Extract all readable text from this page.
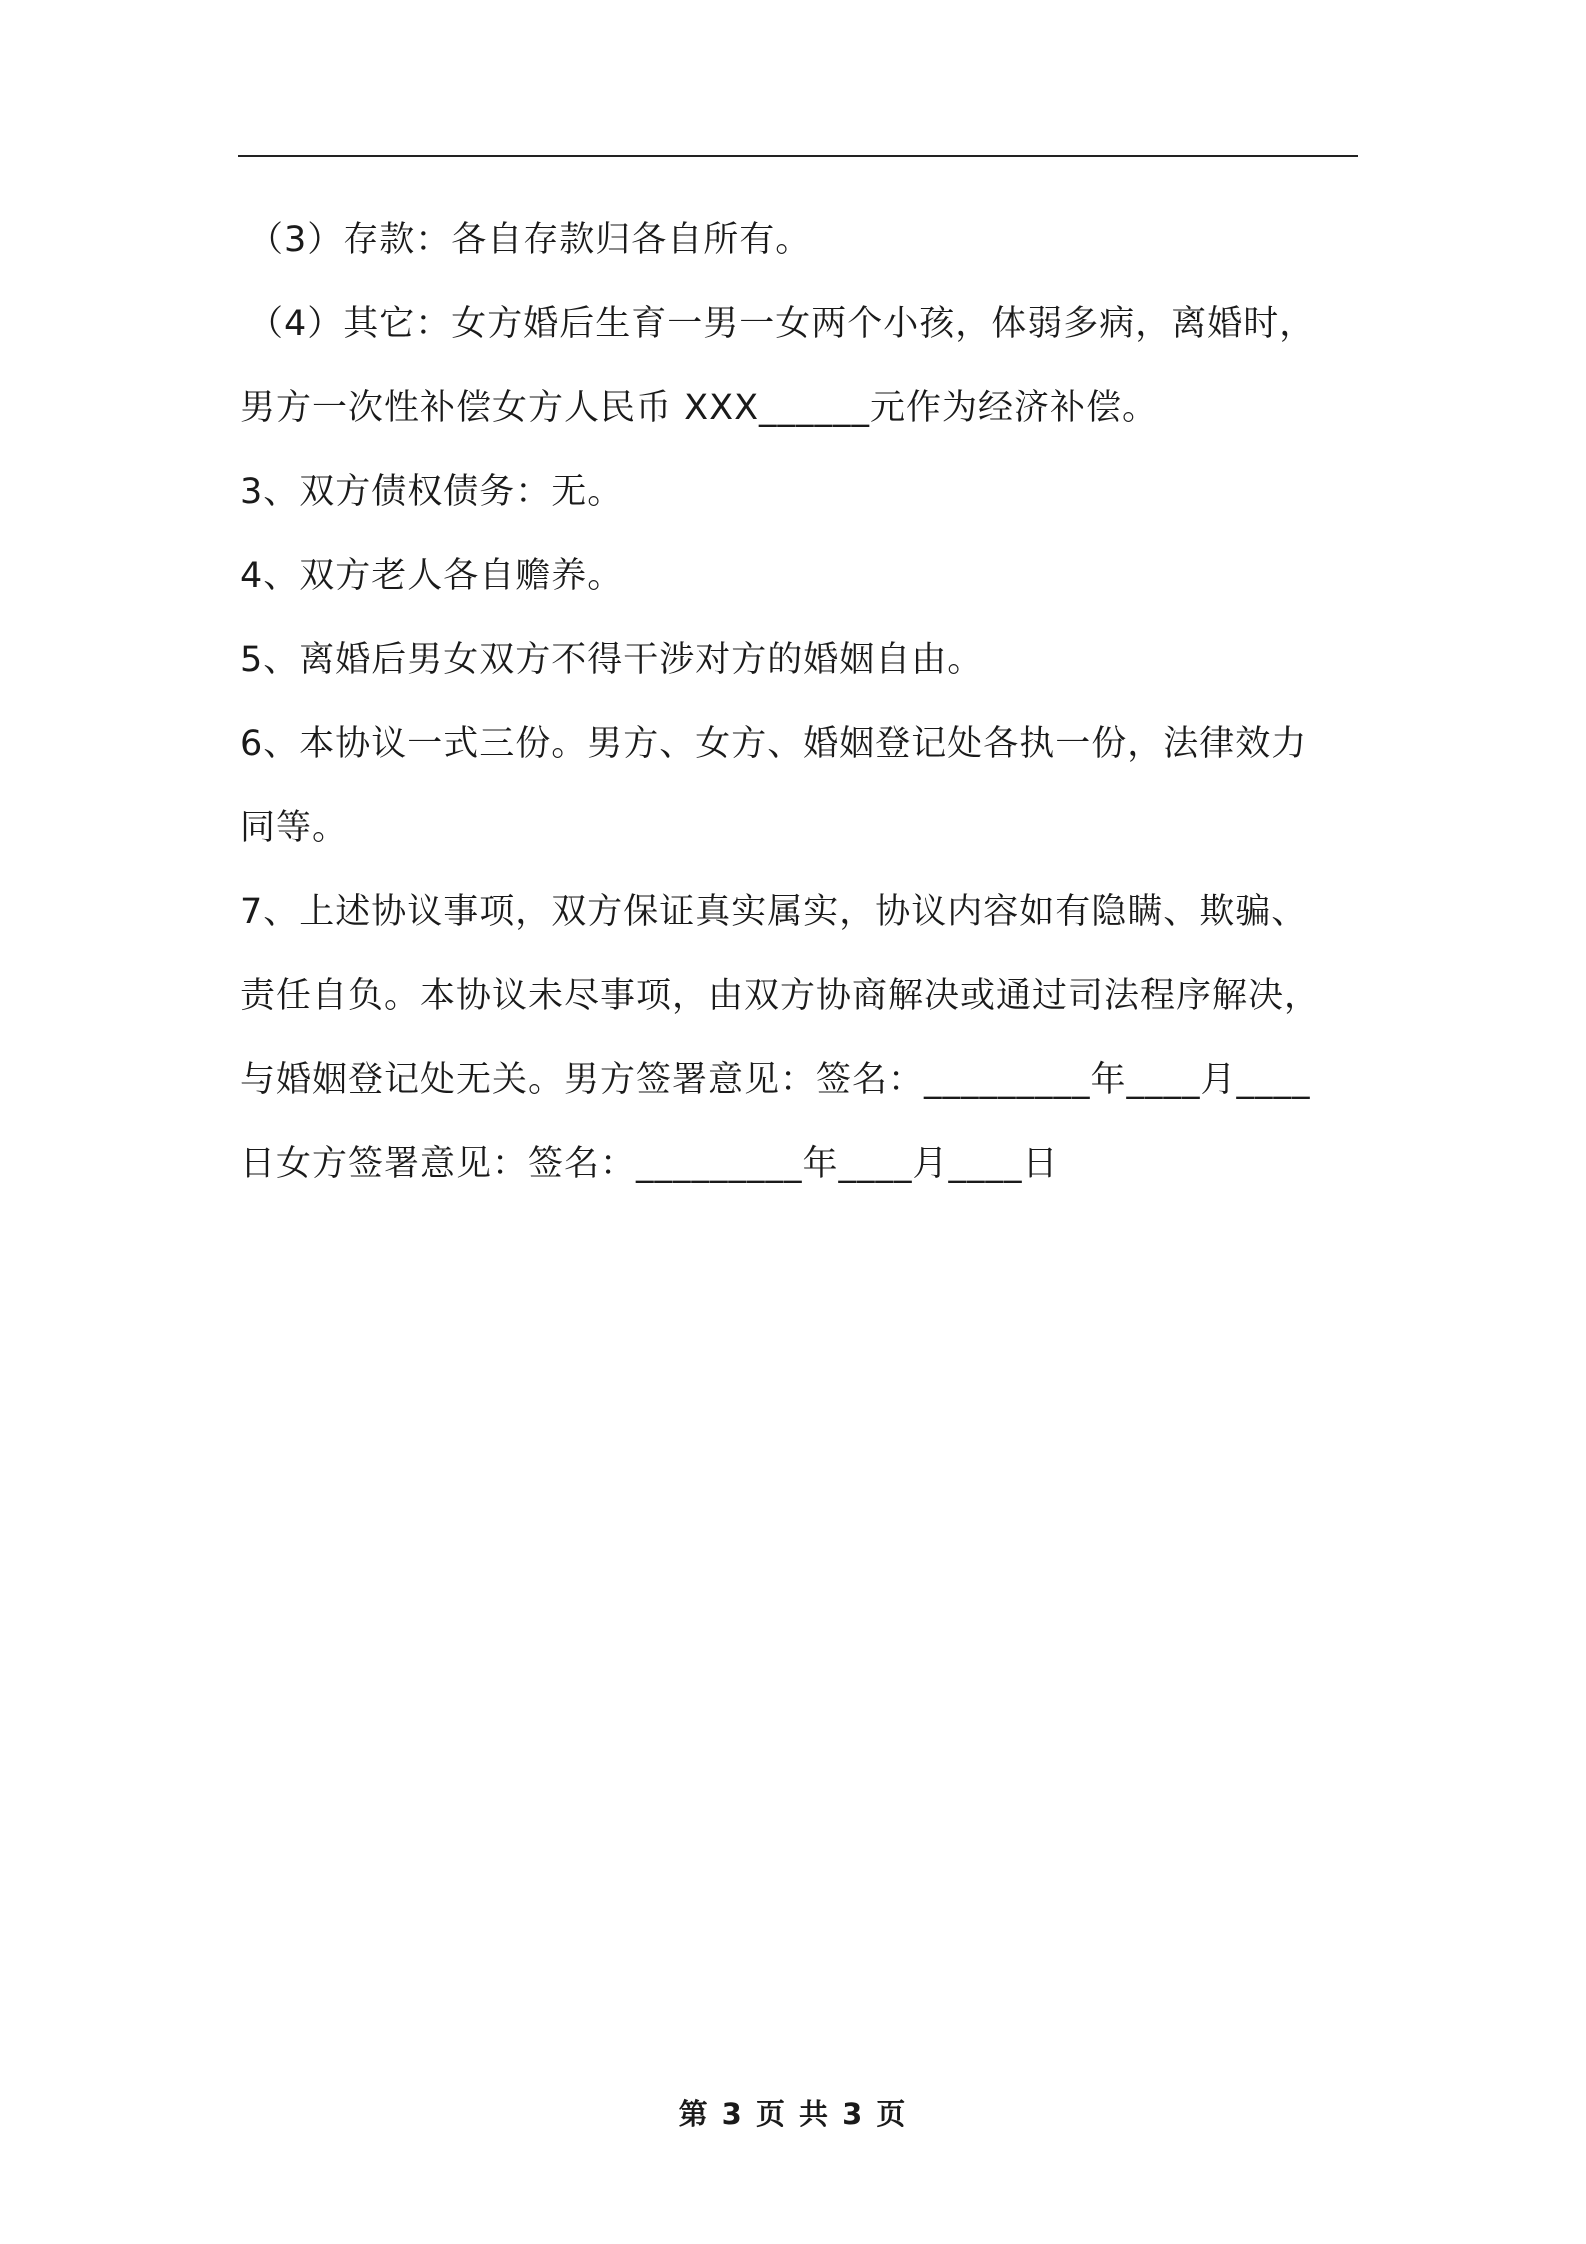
（3）存款：各自存款归各自所有。
（4）其它：女方婚后生育一男一女两个小孩，体弱多病，离婚时，
男方一次性补偿女方人民币 XXX______元作为经济补偿。
3、双方债权债务：无。
4、双方老人各自赡养。
5、离婚后男女双方不得干涉对方的婚姻自由。
6、本协议一式三份。男方、女方、婚姻登记处各执一份，法律效力
同等。
7、上述协议事项，双方保证真实属实，协议内容如有隐瞒、欺骗、
责任自负。本协议未尽事项，由双方协商解决或通过司法程序解决，
与婚姻登记处无关。男方签署意见：签名：_________年____月____
日女方签署意见：签名：_________年____月____日
第 3 页 共 3 页
